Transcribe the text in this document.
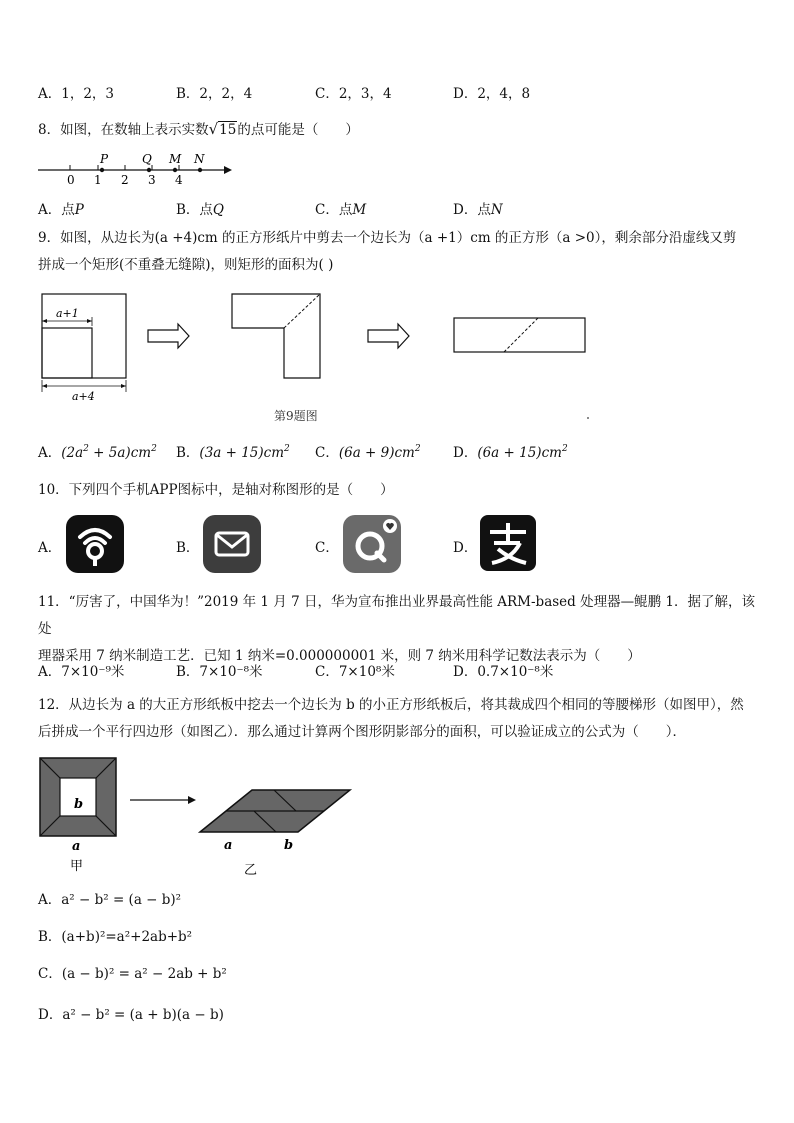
A．1，2，3	B．2，2，4	C．2，3，4	D．2，4，8
8．如图，在数轴上表示实数√15的点可能是（　　）
0 1 2 3 4
P	Q M N
A．点P	B．点Q	C．点M	D．点N
9．如图，从边长为(a +4)cm 的正方形纸片中剪去一个边长为（a +1）cm 的正方形（a >0），剩余部分沿虚线又剪
拼成一个矩形(不重叠无缝隙)，则矩形的面积为( )
a+1
a+4
第9题图
A．$(2a^2 + 5a)cm^2$ B．$(3a + 15)cm^2$ C．$(6a + 9)cm^2$ D．$(6a + 15)cm^2$
10．下列四个手机APP图标中，是轴对称图形的是（　　）
A．	B．	C．	D．
11．“厉害了，中国华为！”2019 年 1 月 7 日，华为宣布推出业界最高性能 ARM-based 处理器—鲲鹏 1．据了解，该处
理器采用 7 纳米制造工艺．已知 1 纳米=0.000000001 米，则 7 纳米用科学记数法表示为（　　）
A．7×10⁻⁹米	B．7×10⁻⁸米	C．7×10⁸米	D．0.7×10⁻⁸米
12．从边长为 a 的大正方形纸板中挖去一个边长为 b 的小正方形纸板后，将其裁成四个相同的等腰梯形（如图甲），然
后拼成一个平行四边形（如图乙）．那么通过计算两个图形阴影部分的面积，可以验证成立的公式为（　　）．
b
a
甲
a	b
乙
A．a² − b² = (a − b)²
B．(a+b)²=a²+2ab+b²
C．(a − b)² = a² − 2ab + b²
D．a² − b² = (a + b)(a − b)
